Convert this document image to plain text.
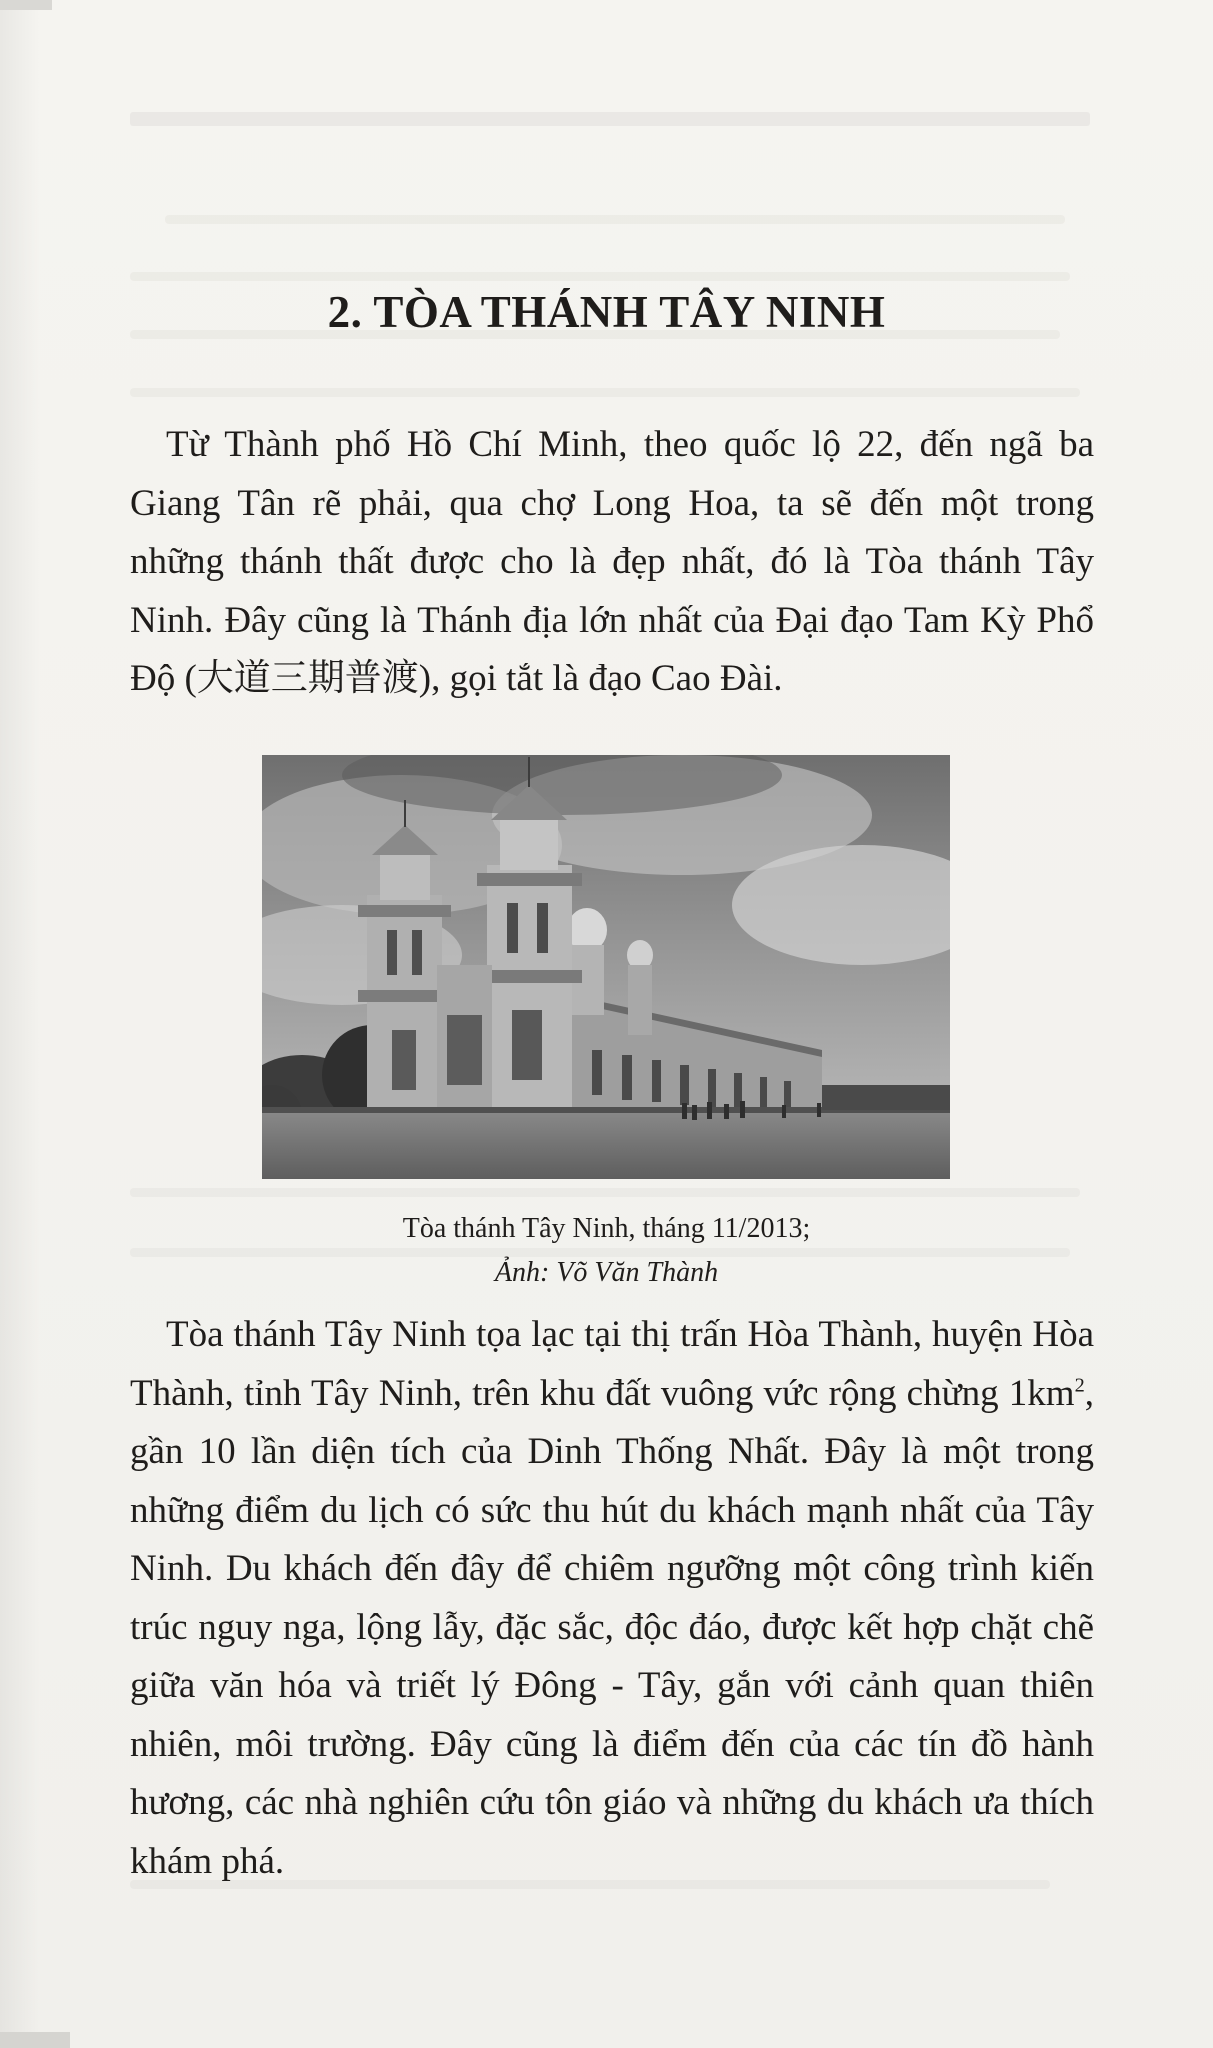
2. TÒA THÁNH TÂY NINH

Từ Thành phố Hồ Chí Minh, theo quốc lộ 22, đến ngã ba Giang Tân rẽ phải, qua chợ Long Hoa, ta sẽ đến một trong những thánh thất được cho là đẹp nhất, đó là Tòa thánh Tây Ninh. Đây cũng là Thánh địa lớn nhất của Đại đạo Tam Kỳ Phổ Độ (大道三期普渡), gọi tắt là đạo Cao Đài.

Tòa thánh Tây Ninh, tháng 11/2013;

Ảnh: Võ Văn Thành

Tòa thánh Tây Ninh tọa lạc tại thị trấn Hòa Thành, huyện Hòa Thành, tỉnh Tây Ninh, trên khu đất vuông vức rộng chừng $1km^2$, gần 10 lần diện tích của Dinh Thống Nhất. Đây là một trong những điểm du lịch có sức thu hút du khách mạnh nhất của Tây Ninh. Du khách đến đây để chiêm ngưỡng một công trình kiến trúc nguy nga, lộng lẫy, đặc sắc, độc đáo, được kết hợp chặt chẽ giữa văn hóa và triết lý Đông - Tây, gắn với cảnh quan thiên nhiên, môi trường. Đây cũng là điểm đến của các tín đồ hành hương, các nhà nghiên cứu tôn giáo và những du khách ưa thích khám phá.
